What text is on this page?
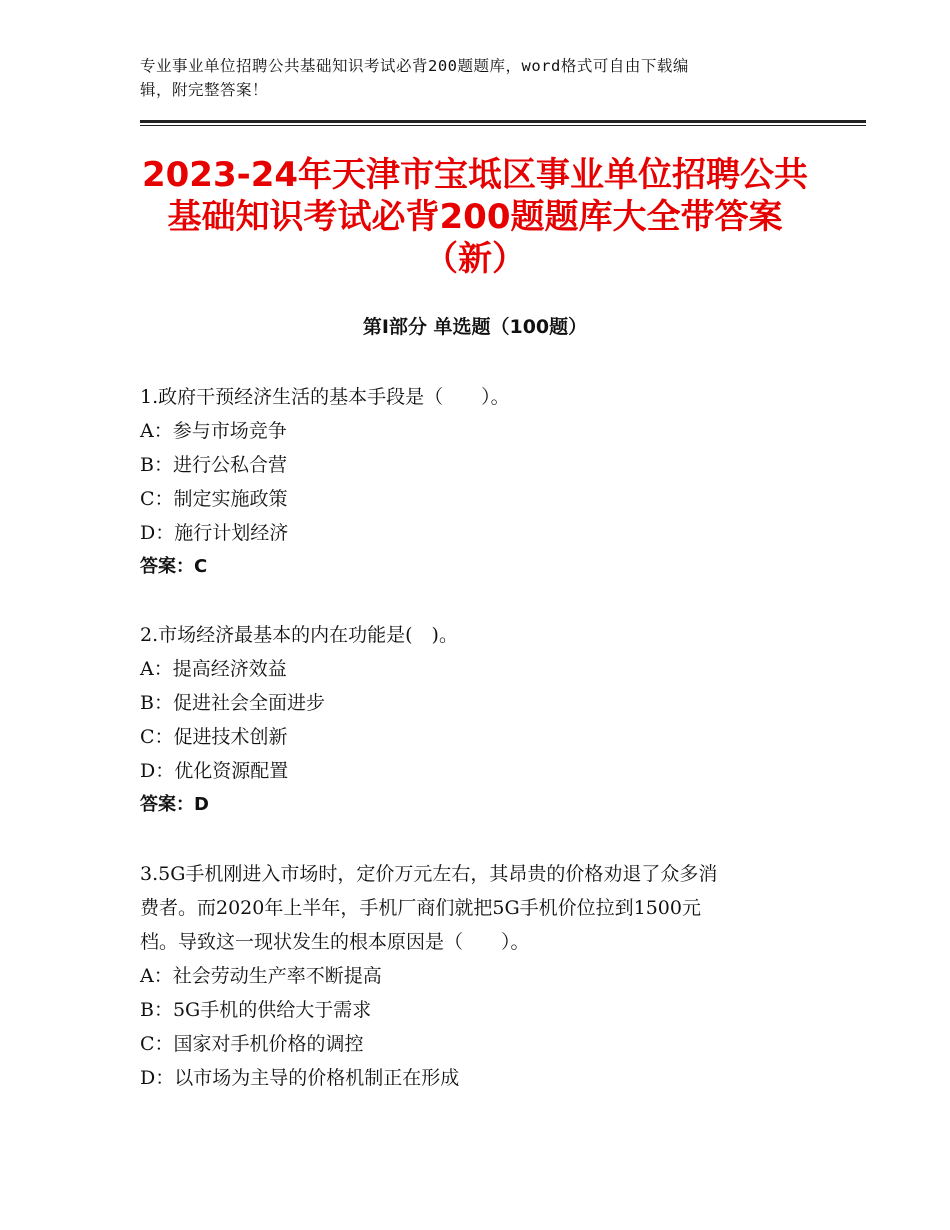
专业事业单位招聘公共基础知识考试必背200题题库，word格式可自由下载编
辑，附完整答案！
2023-24年天津市宝坻区事业单位招聘公共
基础知识考试必背200题题库大全带答案
（新）
第Ⅰ部分 单选题（100题）
1.政府干预经济生活的基本手段是（　　）。
A：参与市场竞争
B：进行公私合营
C：制定实施政策
D：施行计划经济
答案：C
2.市场经济最基本的内在功能是(　)。
A：提高经济效益
B：促进社会全面进步
C：促进技术创新
D：优化资源配置
答案：D
3.5G手机刚进入市场时，定价万元左右，其昂贵的价格劝退了众多消
费者。而2020年上半年，手机厂商们就把5G手机价位拉到1500元
档。导致这一现状发生的根本原因是（　　）。
A：社会劳动生产率不断提高
B：5G手机的供给大于需求
C：国家对手机价格的调控
D：以市场为主导的价格机制正在形成
